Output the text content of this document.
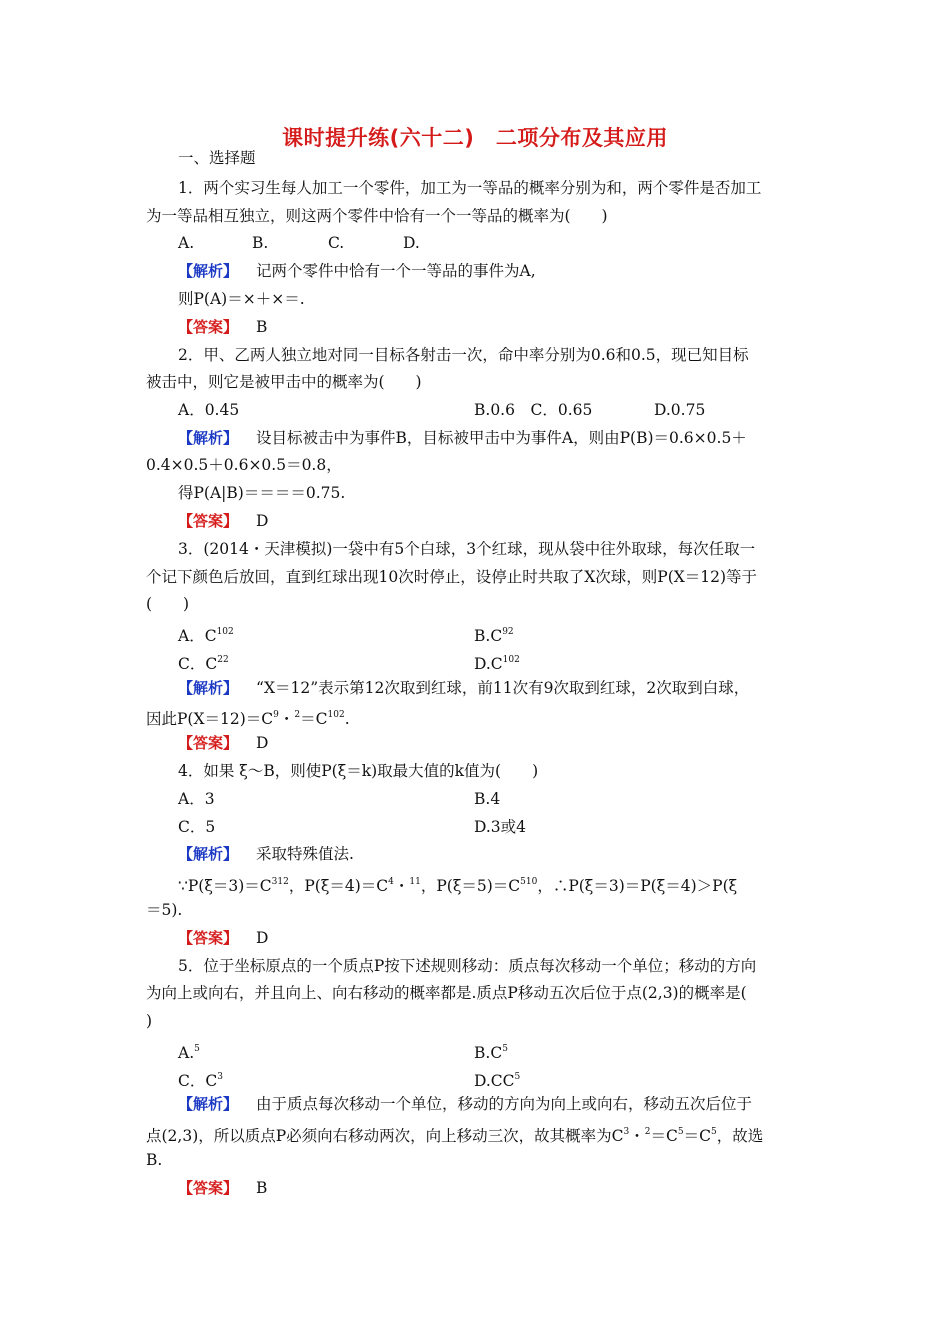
课时提升练(六十二)　二项分布及其应用
一、选择题
1．两个实习生每人加工一个零件，加工为一等品的概率分别为和，两个零件是否加工
为一等品相互独立，则这两个零件中恰有一个一等品的概率为(　　)
A.	B.	C.	D.
【解析】 记两个零件中恰有一个一等品的事件为A,
则P(A)＝×＋×＝.
【答案】 B
2．甲、乙两人独立地对同一目标各射击一次，命中率分别为0.6和0.5，现已知目标
被击中，则它是被甲击中的概率为(　　)
A．0.45	B.0.6　C．0.65	D.0.75
【解析】 设目标被击中为事件B，目标被甲击中为事件A，则由P(B)＝0.6×0.5＋
0.4×0.5＋0.6×0.5＝0.8，
得P(A|B)＝＝＝＝0.75.
【答案】 D
3．(2014・天津模拟)一袋中有5个白球，3个红球，现从袋中往外取球，每次任取一
个记下颜色后放回，直到红球出现10次时停止，设停止时共取了X次球，则P(X＝12)等于
(　　)
A．$C^{102}$	$B.C^{92}$
C．$C^{22}$	$D.C^{102}$
【解析】 “X＝12”表示第12次取到红球，前11次有9次取到红球，2次取到白球，
因此$P(X=12)=C^9$・$^2=C^{102}$.
【答案】 D
4．如果 ξ～B，则使P(ξ＝k)取最大值的k值为(　　)
A．3	B.4
C．5	D.3或4
【解析】 采取特殊值法.
$\because P(\xi=3)=C^{312}$，$P(\xi=4)=C^4$・$^{11}$，$P(\xi=5)=C^{510}$，∴P(ξ＝3)＝P(ξ＝4)＞P(ξ
＝5).
【答案】 D
5．位于坐标原点的一个质点P按下述规则移动：质点每次移动一个单位；移动的方向
为向上或向右，并且向上、向右移动的概率都是.质点P移动五次后位于点(2,3)的概率是(
)
A.$^5$	$B.C^5$
C．$C^3$	$D.CC^5$
【解析】 由于质点每次移动一个单位，移动的方向为向上或向右，移动五次后位于
点(2,3)，所以质点P必须向右移动两次，向上移动三次，故其概率为$C^3$・$^2=C^5=C^5$，故选
B.
【答案】 B
